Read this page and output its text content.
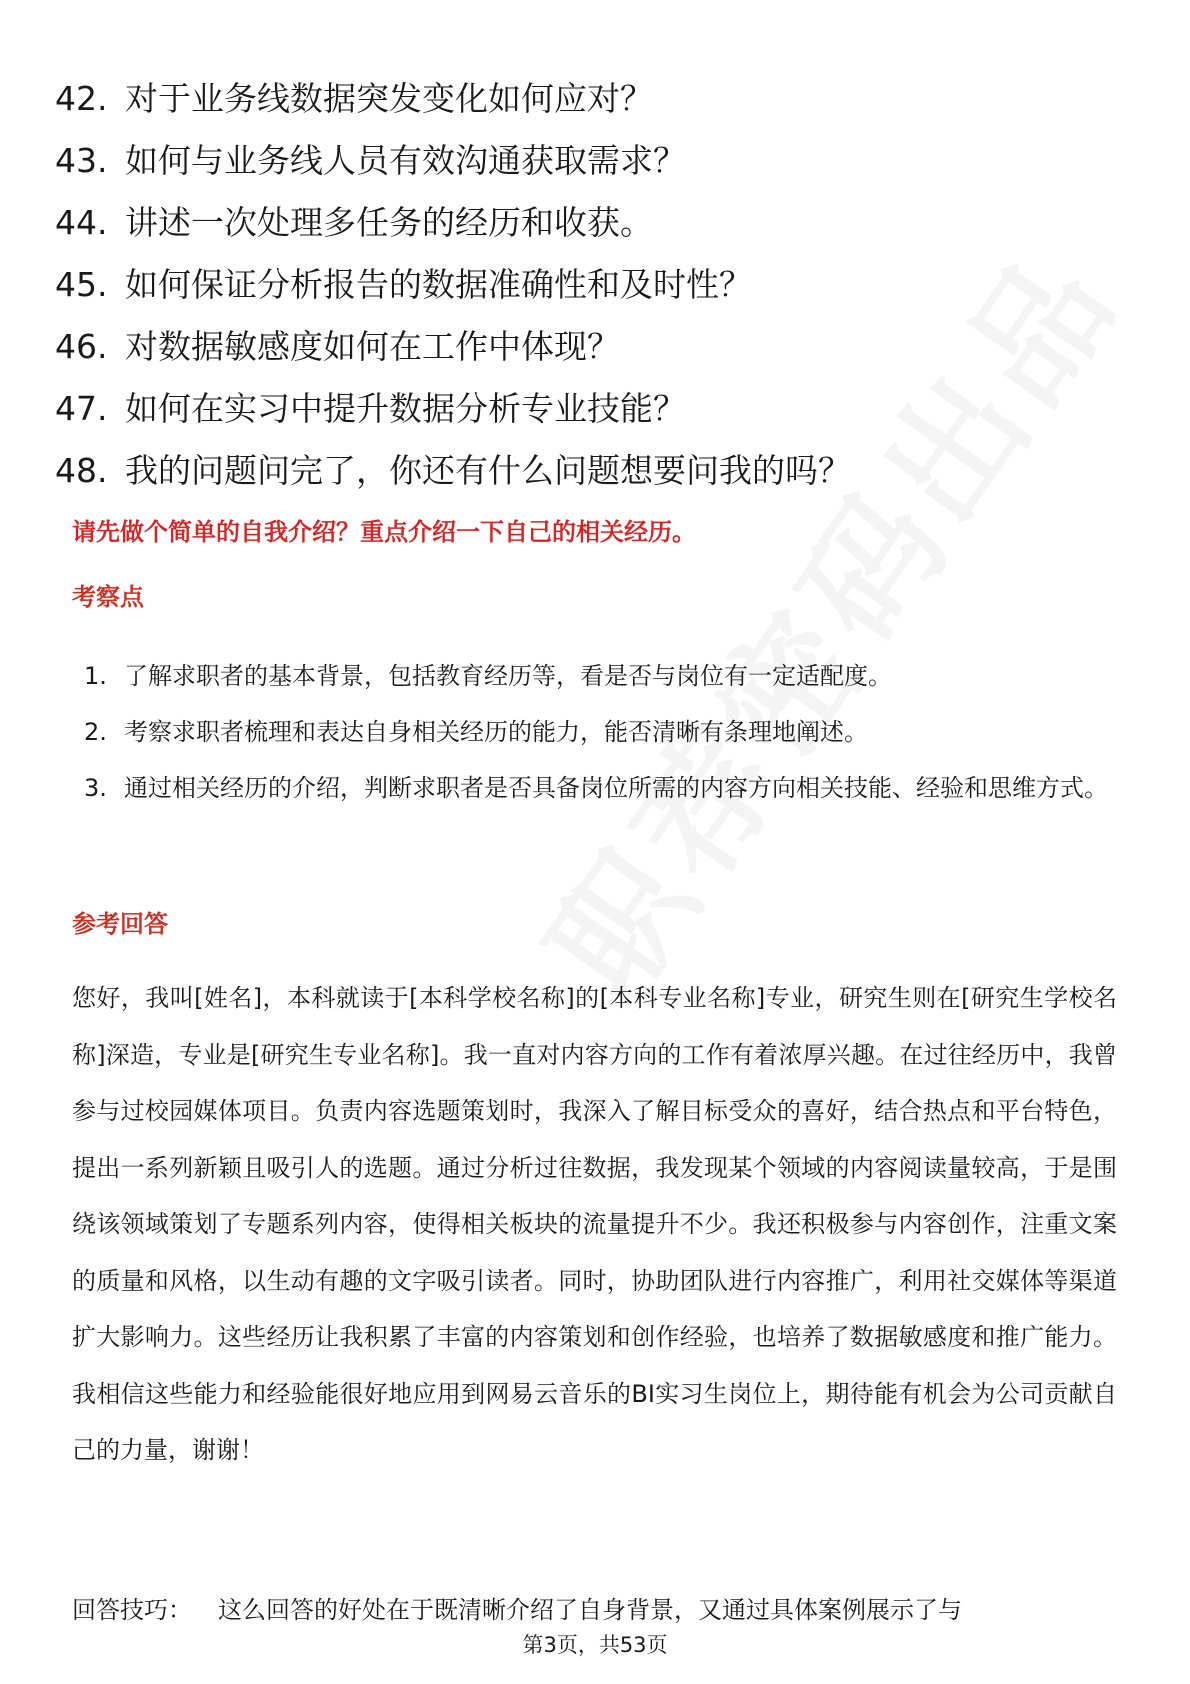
42. 对于业务线数据突发变化如何应对？
43. 如何与业务线人员有效沟通获取需求？
44. 讲述一次处理多任务的经历和收获。
45. 如何保证分析报告的数据准确性和及时性？
46. 对数据敏感度如何在工作中体现？
47. 如何在实习中提升数据分析专业技能？
48. 我的问题问完了，你还有什么问题想要问我的吗？
请先做个简单的自我介绍？重点介绍一下自己的相关经历。
考察点
1. 了解求职者的基本背景，包括教育经历等，看是否与岗位有一定适配度。
2. 考察求职者梳理和表达自身相关经历的能力，能否清晰有条理地阐述。
3. 通过相关经历的介绍，判断求职者是否具备岗位所需的内容方向相关技能、经验和思维方式。
参考回答

您好，我叫[姓名]，本科就读于[本科学校名称]的[本科专业名称]专业，研究生则在[研究生学校名称]深造，专业是[研究生专业名称]。我一直对内容方向的工作有着浓厚兴趣。在过往经历中，我曾参与过校园媒体项目。负责内容选题策划时，我深入了解目标受众的喜好，结合热点和平台特色，提出一系列新颖且吸引人的选题。通过分析过往数据，我发现某个领域的内容阅读量较高，于是围绕该领域策划了专题系列内容，使得相关板块的流量提升不少。我还积极参与内容创作，注重文案的质量和风格，以生动有趣的文字吸引读者。同时，协助团队进行内容推广，利用社交媒体等渠道扩大影响力。这些经历让我积累了丰富的内容策划和创作经验，也培养了数据敏感度和推广能力。我相信这些能力和经验能很好地应用到网易云音乐的BI实习生岗位上，期待能有机会为公司贡献自己的力量，谢谢！

回答技巧： 这么回答的好处在于既清晰介绍了自身背景，又通过具体案例展示了与

第3页，共53页
